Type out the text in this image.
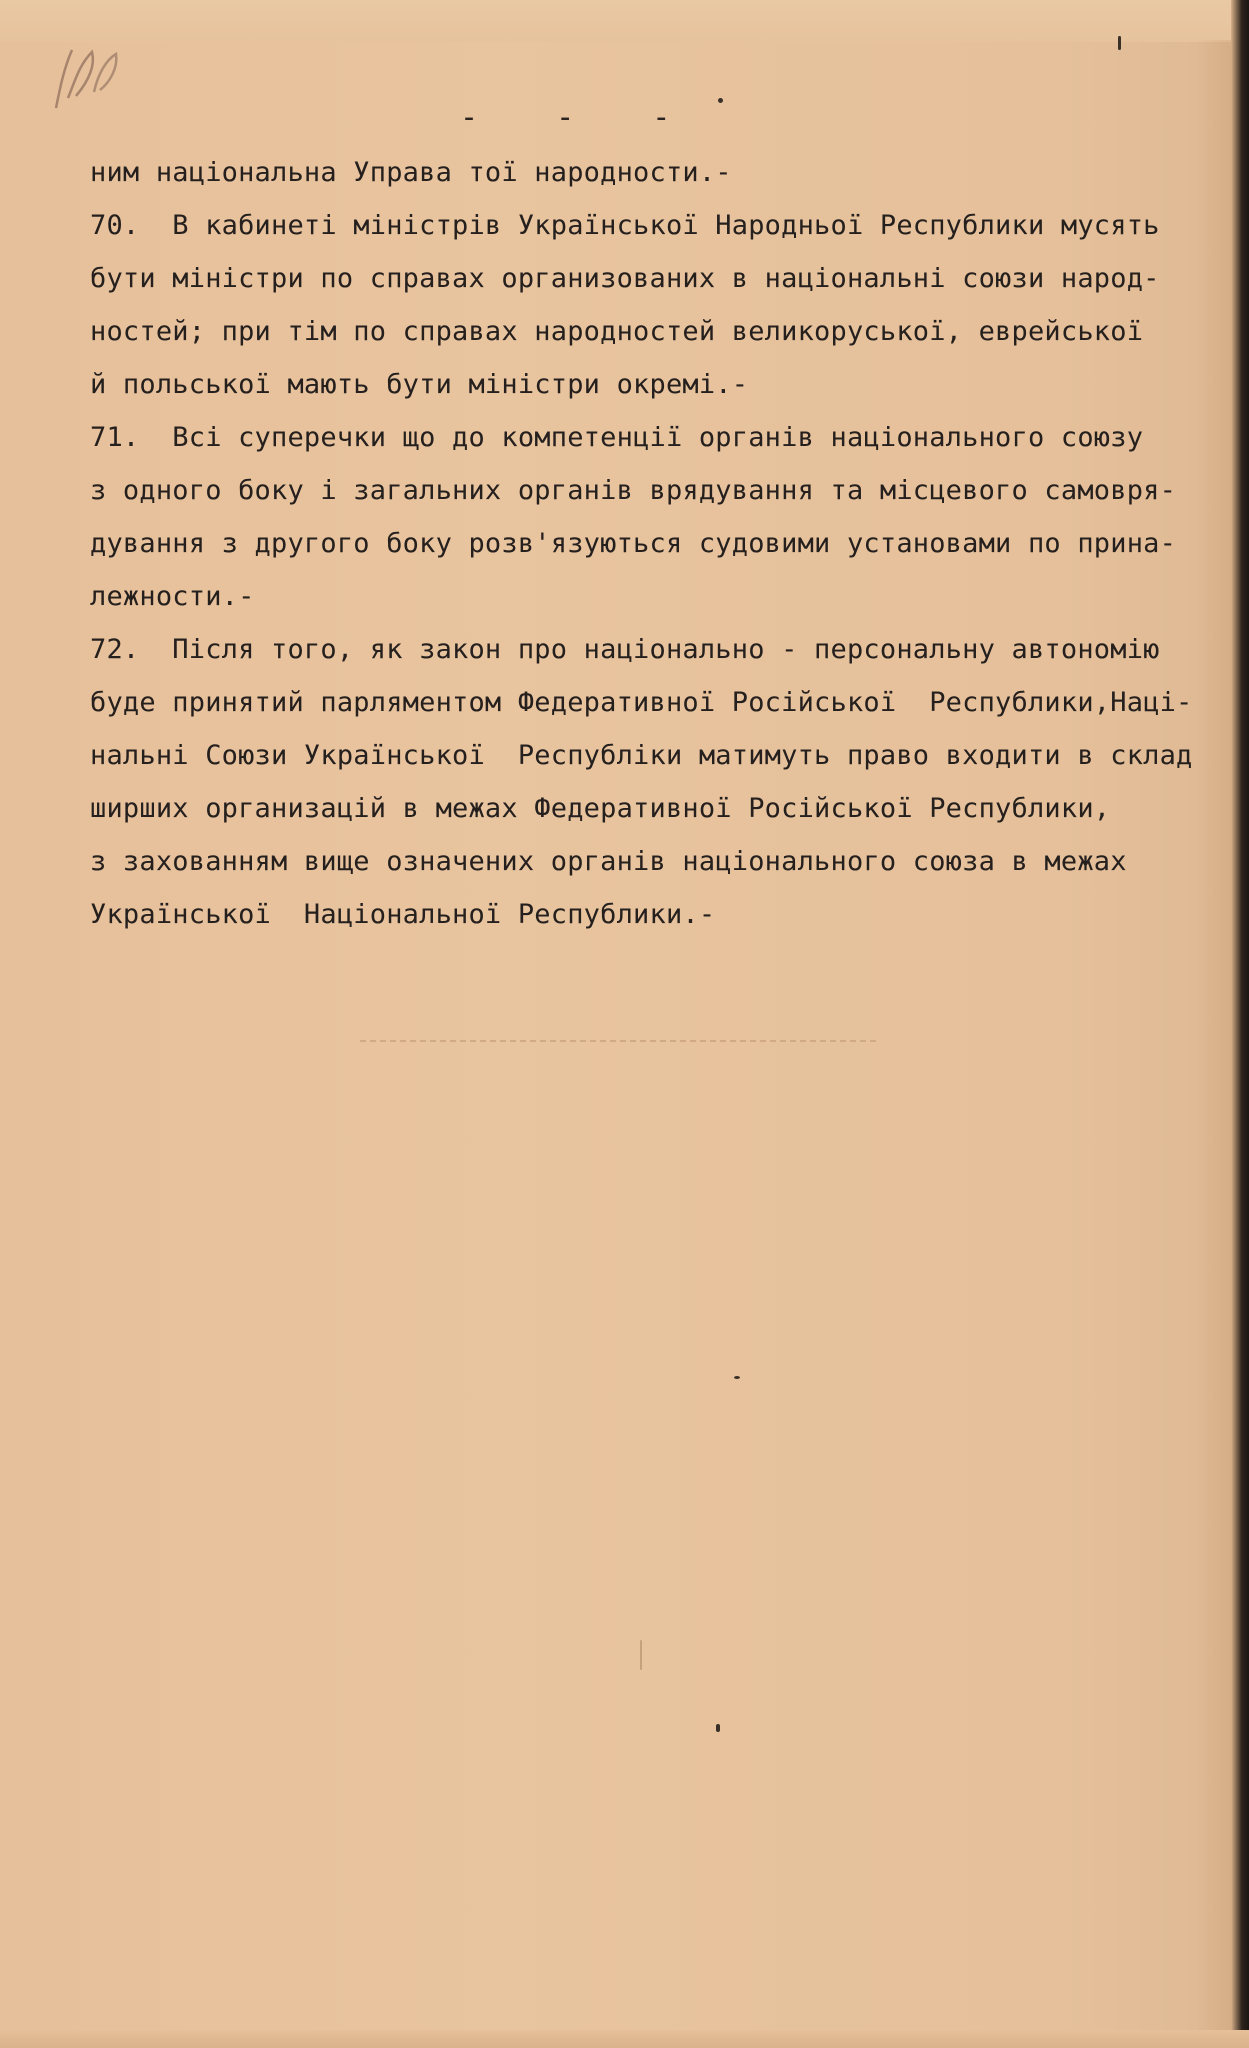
- - -
ним національна Управа тої народности.-
70.  В кабинеті міністрів Української Народньої Республики мусять
бути міністри по справах организованих в національні союзи народ-
ностей; при тім по справах народностей великоруської, еврейської
й польської мають бути міністри окремі.-
71.  Всі суперечки що до компетенції органів національного союзу
з одного боку і загальних органів врядування та місцевого самовря-
дування з другого боку розв'язуються судовими установами по прина-
лежности.-
72.  Після того, як закон про національно - персональну автономію
буде принятий парляментом Федеративної Російської  Республики,Наці-
нальні Союзи Української  Республіки матимуть право входити в склад
ширших организацій в межах Федеративної Російської Республики,
з захованням вище означених органів національного союза в межах
Української  Національної Республики.-
